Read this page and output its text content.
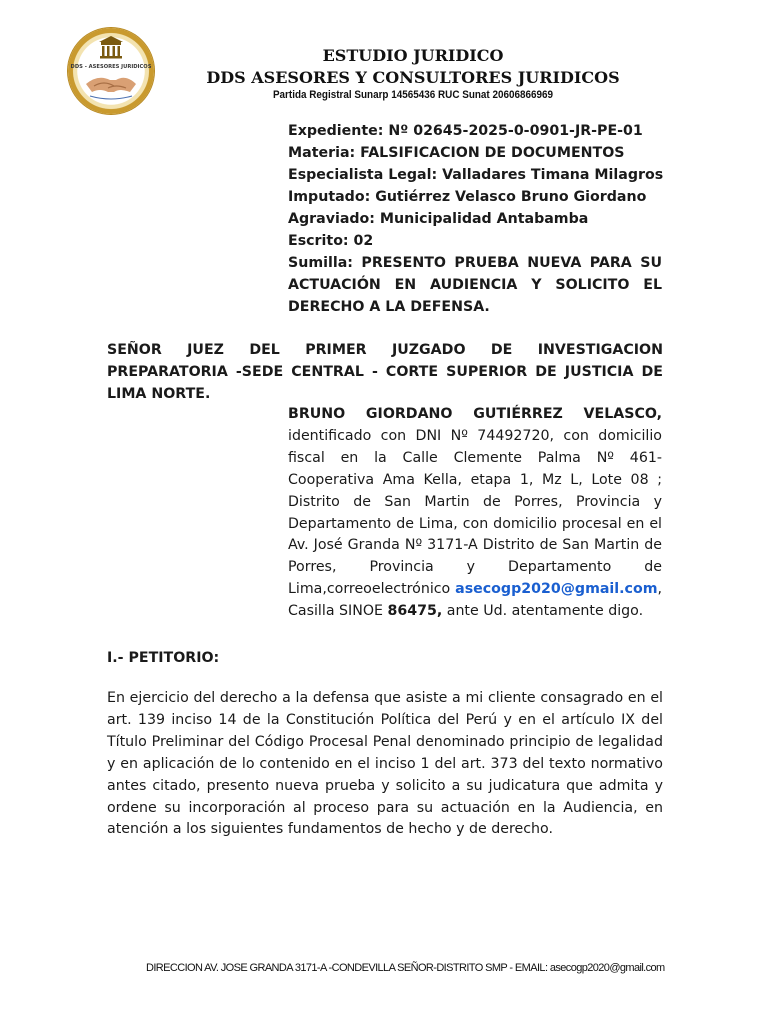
DDS - ASESORES JURIDICOS

ESTUDIO JURIDICO

DDS ASESORES Y CONSULTORES JURIDICOS

Partida Registral Sunarp 14565436 RUC Sunat 20606866969

Expediente: Nº 02645-2025-0-0901-JR-PE-01
Materia: FALSIFICACION DE DOCUMENTOS
Especialista Legal: Valladares Timana Milagros
Imputado: Gutiérrez Velasco Bruno Giordano
Agraviado: Municipalidad Antabamba
Escrito: 02
Sumilla: PRESENTO PRUEBA NUEVA PARA SU ACTUACIÓN EN AUDIENCIA Y SOLICITO EL DERECHO A LA DEFENSA.

SEÑOR JUEZ DEL PRIMER JUZGADO DE INVESTIGACION PREPARATORIA -SEDE CENTRAL - CORTE SUPERIOR DE JUSTICIA DE LIMA NORTE.

BRUNO GIORDANO GUTIÉRREZ VELASCO,
identificado con DNI Nº 74492720, con domicilio fiscal en la Calle Clemente Palma Nº 461- Cooperativa Ama Kella, etapa 1, Mz L, Lote 08 ; Distrito de San Martin de Porres, Provincia y Departamento de Lima, con domicilio procesal en el Av. José Granda Nº 3171-A Distrito de San Martin de Porres, Provincia y Departamento de Lima,correoelectrónico asecogp2020@gmail.com, Casilla SINOE 86475, ante Ud. atentamente digo.

I.- PETITORIO:

En ejercicio del derecho a la defensa que asiste a mi cliente consagrado en el art. 139 inciso 14 de la Constitución Política del Perú y en el artículo IX del Título Preliminar del Código Procesal Penal denominado principio de legalidad y en aplicación de lo contenido en el inciso 1 del art. 373 del texto normativo antes citado, presento nueva prueba y solicito a su judicatura que admita y ordene su incorporación al proceso para su actuación en la Audiencia, en atención a los siguientes fundamentos de hecho y de derecho.

DIRECCION AV. JOSE GRANDA 3171-A -CONDEVILLA SEÑOR-DISTRITO SMP - EMAIL: asecogp2020@gmail.com
